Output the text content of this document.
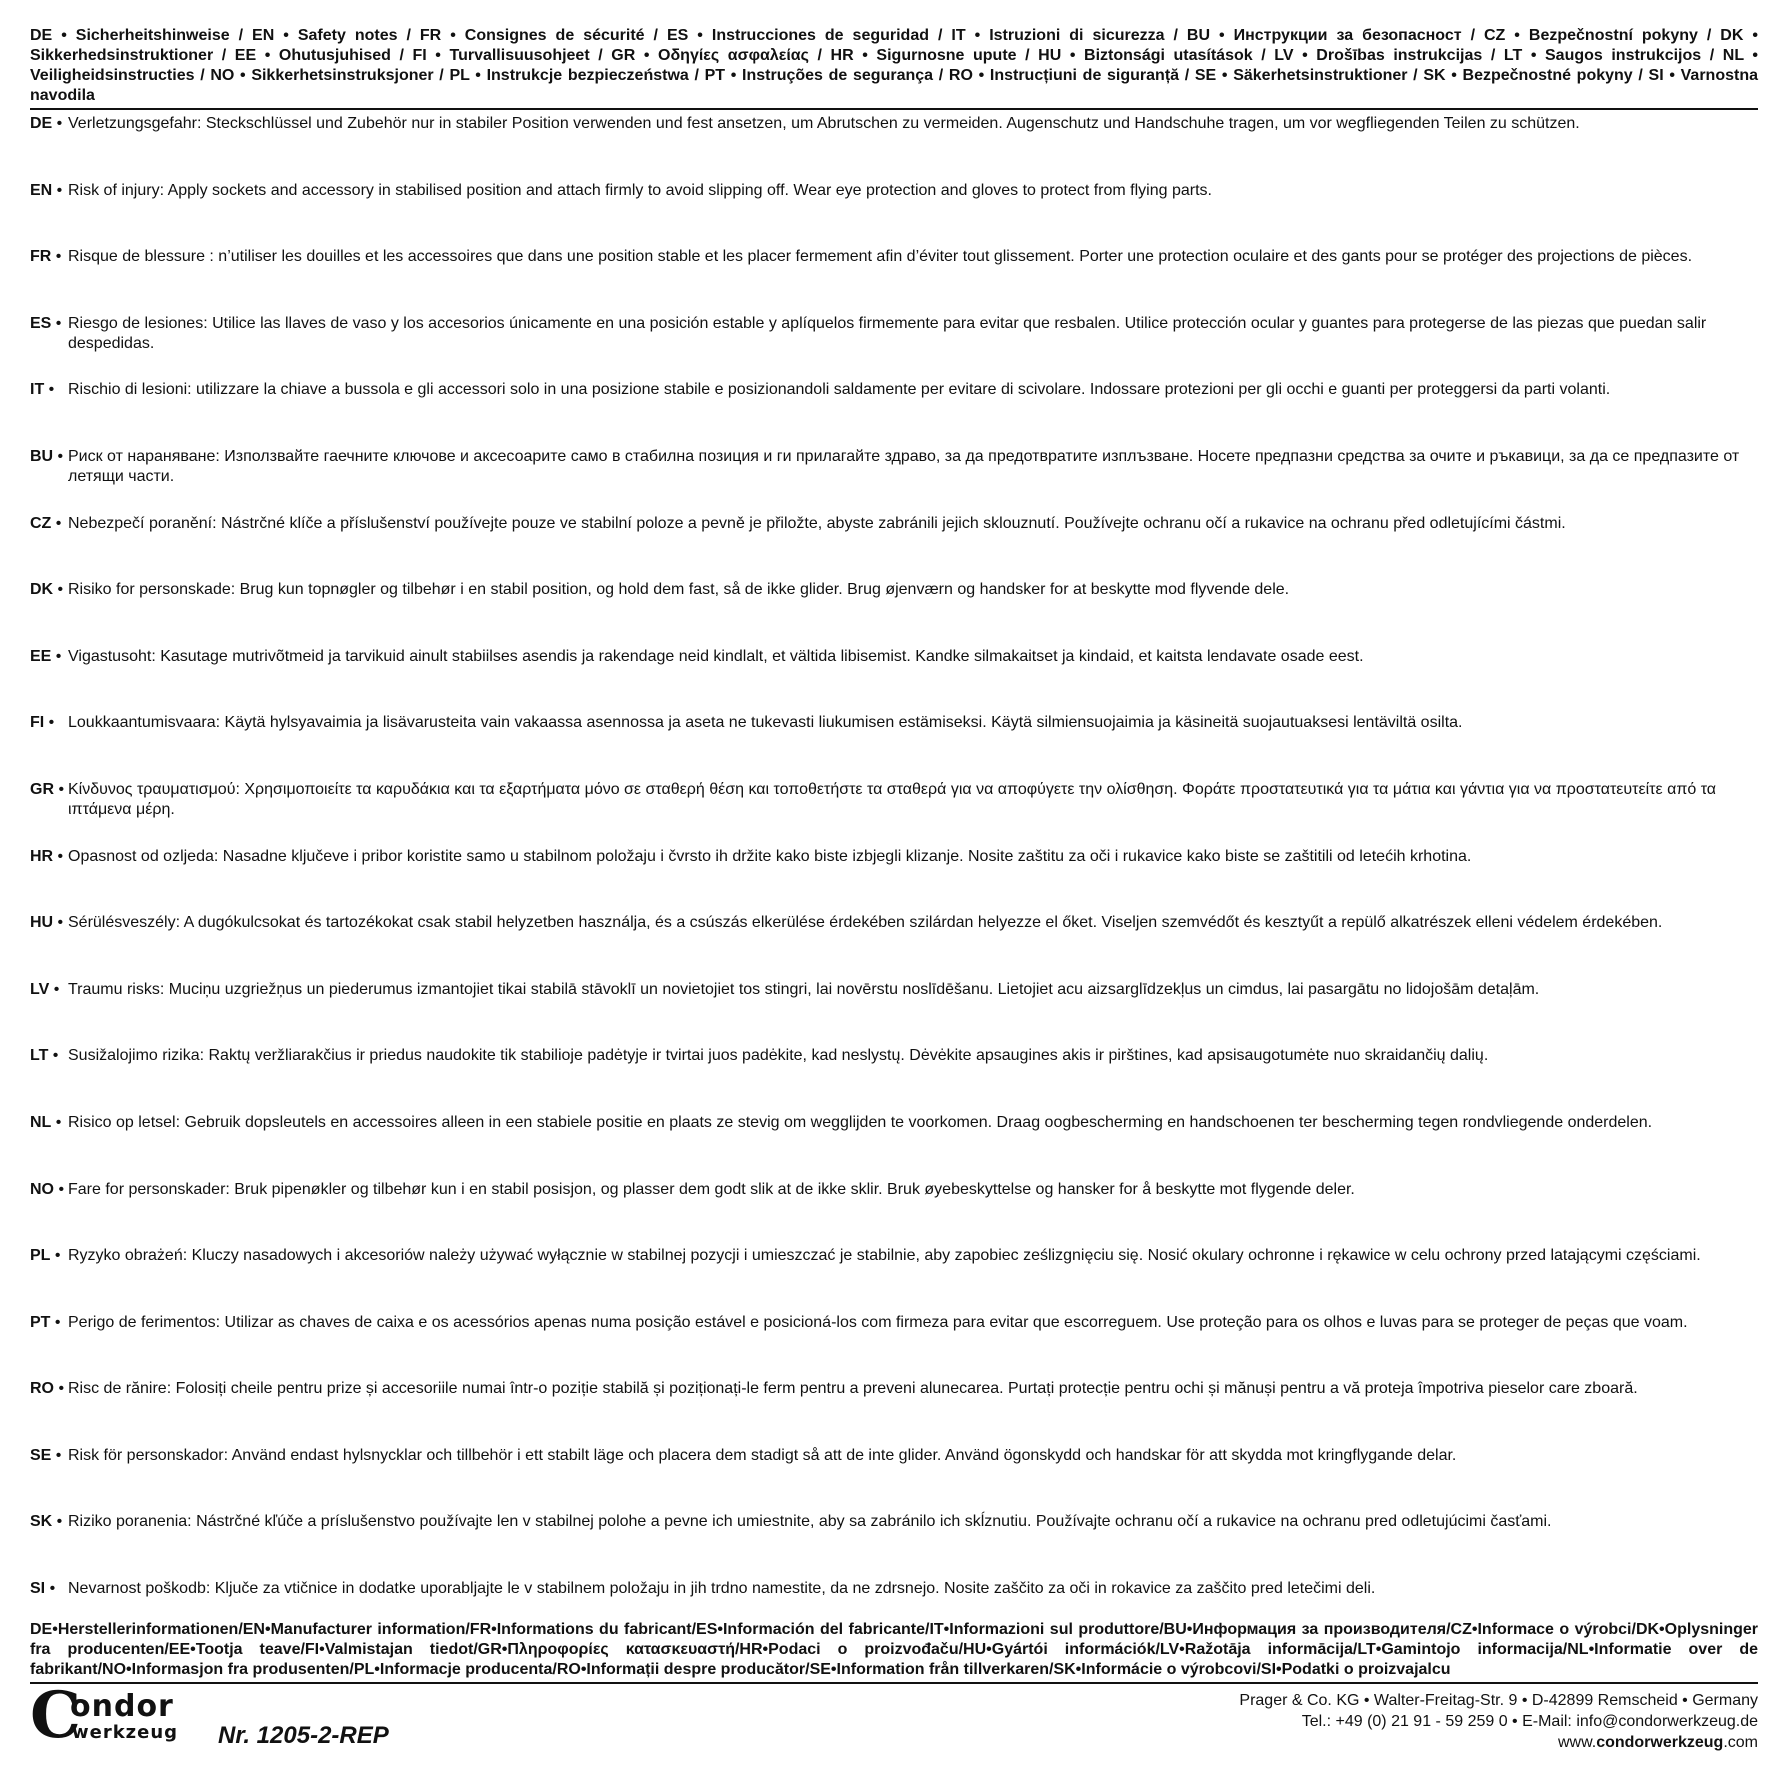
DE • Sicherheitshinweise / EN • Safety notes / FR • Consignes de sécurité / ES • Instrucciones de seguridad / IT • Istruzioni di sicurezza / BU • Инструкции за безопасност / CZ • Bezpečnostní pokyny / DK • Sikkerhedsinstruktioner / EE • Ohutusjuhised / FI • Turvallisuusohjeet / GR • Οδηγίες ασφαλείας / HR • Sigurnosne upute / HU • Biztonsági utasítások / LV • Drošības instrukcijas / LT • Saugos instrukcijos / NL • Veiligheidsinstructies / NO • Sikkerhetsinstruksjoner / PL • Instrukcje bezpieczeństwa / PT • Instruções de segurança / RO • Instrucțiuni de siguranță / SE • Säkerhetsinstruktioner / SK • Bezpečnostné pokyny / SI • Varnostna navodila

DE • Verletzungsgefahr: Steckschlüssel und Zubehör nur in stabiler Position verwenden und fest ansetzen, um Abrutschen zu vermeiden. Augenschutz und Handschuhe tragen, um vor wegfliegenden Teilen zu schützen.
EN • Risk of injury: Apply sockets and accessory in stabilised position and attach firmly to avoid slipping off. Wear eye protection and gloves to protect from flying parts.
FR • Risque de blessure : n’utiliser les douilles et les accessoires que dans une position stable et les placer fermement afin d’éviter tout glissement. Porter une protection oculaire et des gants pour se protéger des projections de pièces.
ES • Riesgo de lesiones: Utilice las llaves de vaso y los accesorios únicamente en una posición estable y aplíquelos firmemente para evitar que resbalen. Utilice protección ocular y guantes para protegerse de las piezas que puedan salir despedidas.
IT • Rischio di lesioni: utilizzare la chiave a bussola e gli accessori solo in una posizione stabile e posizionandoli saldamente per evitare di scivolare. Indossare protezioni per gli occhi e guanti per proteggersi da parti volanti.
BU • Риск от нараняване: Използвайте гаечните ключове и аксесоарите само в стабилна позиция и ги прилагайте здраво, за да предотвратите изплъзване. Носете предпазни средства за очите и ръкавици, за да се предпазите от летящи части.
CZ • Nebezpečí poranění: Nástrčné klíče a příslušenství používejte pouze ve stabilní poloze a pevně je přiložte, abyste zabránili jejich sklouznutí. Používejte ochranu očí a rukavice na ochranu před odletujícími částmi.
DK • Risiko for personskade: Brug kun topnøgler og tilbehør i en stabil position, og hold dem fast, så de ikke glider. Brug øjenværn og handsker for at beskytte mod flyvende dele.
EE • Vigastusoht: Kasutage mutrivõtmeid ja tarvikuid ainult stabiilses asendis ja rakendage neid kindlalt, et vältida libisemist. Kandke silmakaitset ja kindaid, et kaitsta lendavate osade eest.
FI • Loukkaantumisvaara: Käytä hylsyavaimia ja lisävarusteita vain vakaassa asennossa ja aseta ne tukevasti liukumisen estämiseksi. Käytä silmiensuojaimia ja käsineitä suojautuaksesi lentäviltä osilta.
GR • Κίνδυνος τραυματισμού: Χρησιμοποιείτε τα καρυδάκια και τα εξαρτήματα μόνο σε σταθερή θέση και τοποθετήστε τα σταθερά για να αποφύγετε την ολίσθηση. Φοράτε προστατευτικά για τα μάτια και γάντια για να προστατευτείτε από τα ιπτάμενα μέρη.
HR • Opasnost od ozljeda: Nasadne ključeve i pribor koristite samo u stabilnom položaju i čvrsto ih držite kako biste izbjegli klizanje. Nosite zaštitu za oči i rukavice kako biste se zaštitili od letećih krhotina.
HU • Sérülésveszély: A dugókulcsokat és tartozékokat csak stabil helyzetben használja, és a csúszás elkerülése érdekében szilárdan helyezze el őket. Viseljen szemvédőt és kesztyűt a repülő alkatrészek elleni védelem érdekében.
LV • Traumu risks: Muciņu uzgriežņus un piederumus izmantojiet tikai stabilā stāvoklī un novietojiet tos stingri, lai novērstu noslīdēšanu. Lietojiet acu aizsarglīdzekļus un cimdus, lai pasargātu no lidojošām detaļām.
LT • Susižalojimo rizika: Raktų veržliarakčius ir priedus naudokite tik stabilioje padėtyje ir tvirtai juos padėkite, kad neslystų. Dėvėkite apsaugines akis ir pirštines, kad apsisaugotumėte nuo skraidančių dalių.
NL • Risico op letsel: Gebruik dopsleutels en accessoires alleen in een stabiele positie en plaats ze stevig om wegglijden te voorkomen. Draag oogbescherming en handschoenen ter bescherming tegen rondvliegende onderdelen.
NO • Fare for personskader: Bruk pipenøkler og tilbehør kun i en stabil posisjon, og plasser dem godt slik at de ikke sklir. Bruk øyebeskyttelse og hansker for å beskytte mot flygende deler.
PL • Ryzyko obrażeń: Kluczy nasadowych i akcesoriów należy używać wyłącznie w stabilnej pozycji i umieszczać je stabilnie, aby zapobiec ześlizgnięciu się. Nosić okulary ochronne i rękawice w celu ochrony przed latającymi częściami.
PT • Perigo de ferimentos: Utilizar as chaves de caixa e os acessórios apenas numa posição estável e posicioná-los com firmeza para evitar que escorreguem. Use proteção para os olhos e luvas para se proteger de peças que voam.
RO • Risc de rănire: Folosiți cheile pentru prize și accesoriile numai într-o poziție stabilă și poziționați-le ferm pentru a preveni alunecarea. Purtați protecție pentru ochi și mănuși pentru a vă proteja împotriva pieselor care zboară.
SE • Risk för personskador: Använd endast hylsnycklar och tillbehör i ett stabilt läge och placera dem stadigt så att de inte glider. Använd ögonskydd och handskar för att skydda mot kringflygande delar.
SK • Riziko poranenia: Nástrčné kľúče a príslušenstvo používajte len v stabilnej polohe a pevne ich umiestnite, aby sa zabránilo ich skĺznutiu. Používajte ochranu očí a rukavice na ochranu pred odletujúcimi časťami.
SI • Nevarnost poškodb: Ključe za vtičnice in dodatke uporabljajte le v stabilnem položaju in jih trdno namestite, da ne zdrsnejo. Nosite zaščito za oči in rokavice za zaščito pred letečimi deli.

DE•Herstellerinformationen/EN•Manufacturer information/FR•Informations du fabricant/ES•Información del fabricante/IT•Informazioni sul produttore/BU•Информация за производителя/CZ•Informace o výrobci/DK•Oplysninger fra producenten/EE•Tootja teave/FI•Valmistajan tiedot/GR•Πληροφορίες κατασκευαστή/HR•Podaci o proizvođaču/HU•Gyártói információk/LV•Ražotāja informācija/LT•Gamintojo informacija/NL•Informatie over de fabrikant/NO•Informasjon fra produsenten/PL•Informacje producenta/RO•Informații despre producător/SE•Information från tillverkaren/SK•Informácie o výrobcovi/SI•Podatki o proizvajalcu

C
ondor
werkzeug Nr. 1205-2-REP
Prager & Co. KG • Walter-Freitag-Str. 9 • D-42899 Remscheid • Germany
Tel.: +49 (0) 21 91 - 59 259 0 • E-Mail: info@condorwerkzeug.de
www.condorwerkzeug.com
